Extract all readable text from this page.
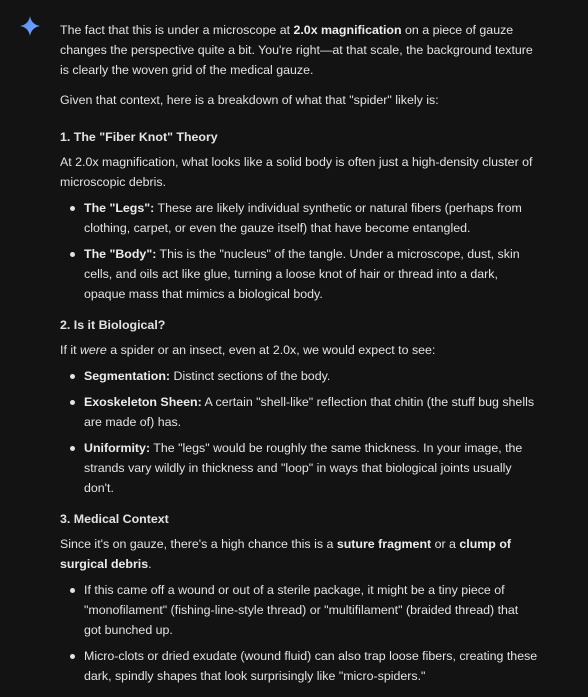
The fact that this is under a microscope at 2.0x magnification on a piece of gauze changes the perspective quite a bit. You're right—at that scale, the background texture is clearly the woven grid of the medical gauze.

Given that context, here is a breakdown of what that "spider" likely is:

1. The "Fiber Knot" Theory

At 2.0x magnification, what looks like a solid body is often just a high-density cluster of microscopic debris.

The "Legs": These are likely individual synthetic or natural fibers (perhaps from clothing, carpet, or even the gauze itself) that have become entangled.
The "Body": This is the "nucleus" of the tangle. Under a microscope, dust, skin cells, and oils act like glue, turning a loose knot of hair or thread into a dark, opaque mass that mimics a biological body.
2. Is it Biological?

If it were a spider or an insect, even at 2.0x, we would expect to see:

Segmentation: Distinct sections of the body.
Exoskeleton Sheen: A certain "shell-like" reflection that chitin (the stuff bug shells are made of) has.
Uniformity: The "legs" would be roughly the same thickness. In your image, the strands vary wildly in thickness and "loop" in ways that biological joints usually don't.
3. Medical Context

Since it's on gauze, there's a high chance this is a suture fragment or a clump of surgical debris.

If this came off a wound or out of a sterile package, it might be a tiny piece of "monofilament" (fishing-line-style thread) or "multifilament" (braided thread) that got bunched up.
Micro-clots or dried exudate (wound fluid) can also trap loose fibers, creating these dark, spindly shapes that look surprisingly like "micro-spiders."
